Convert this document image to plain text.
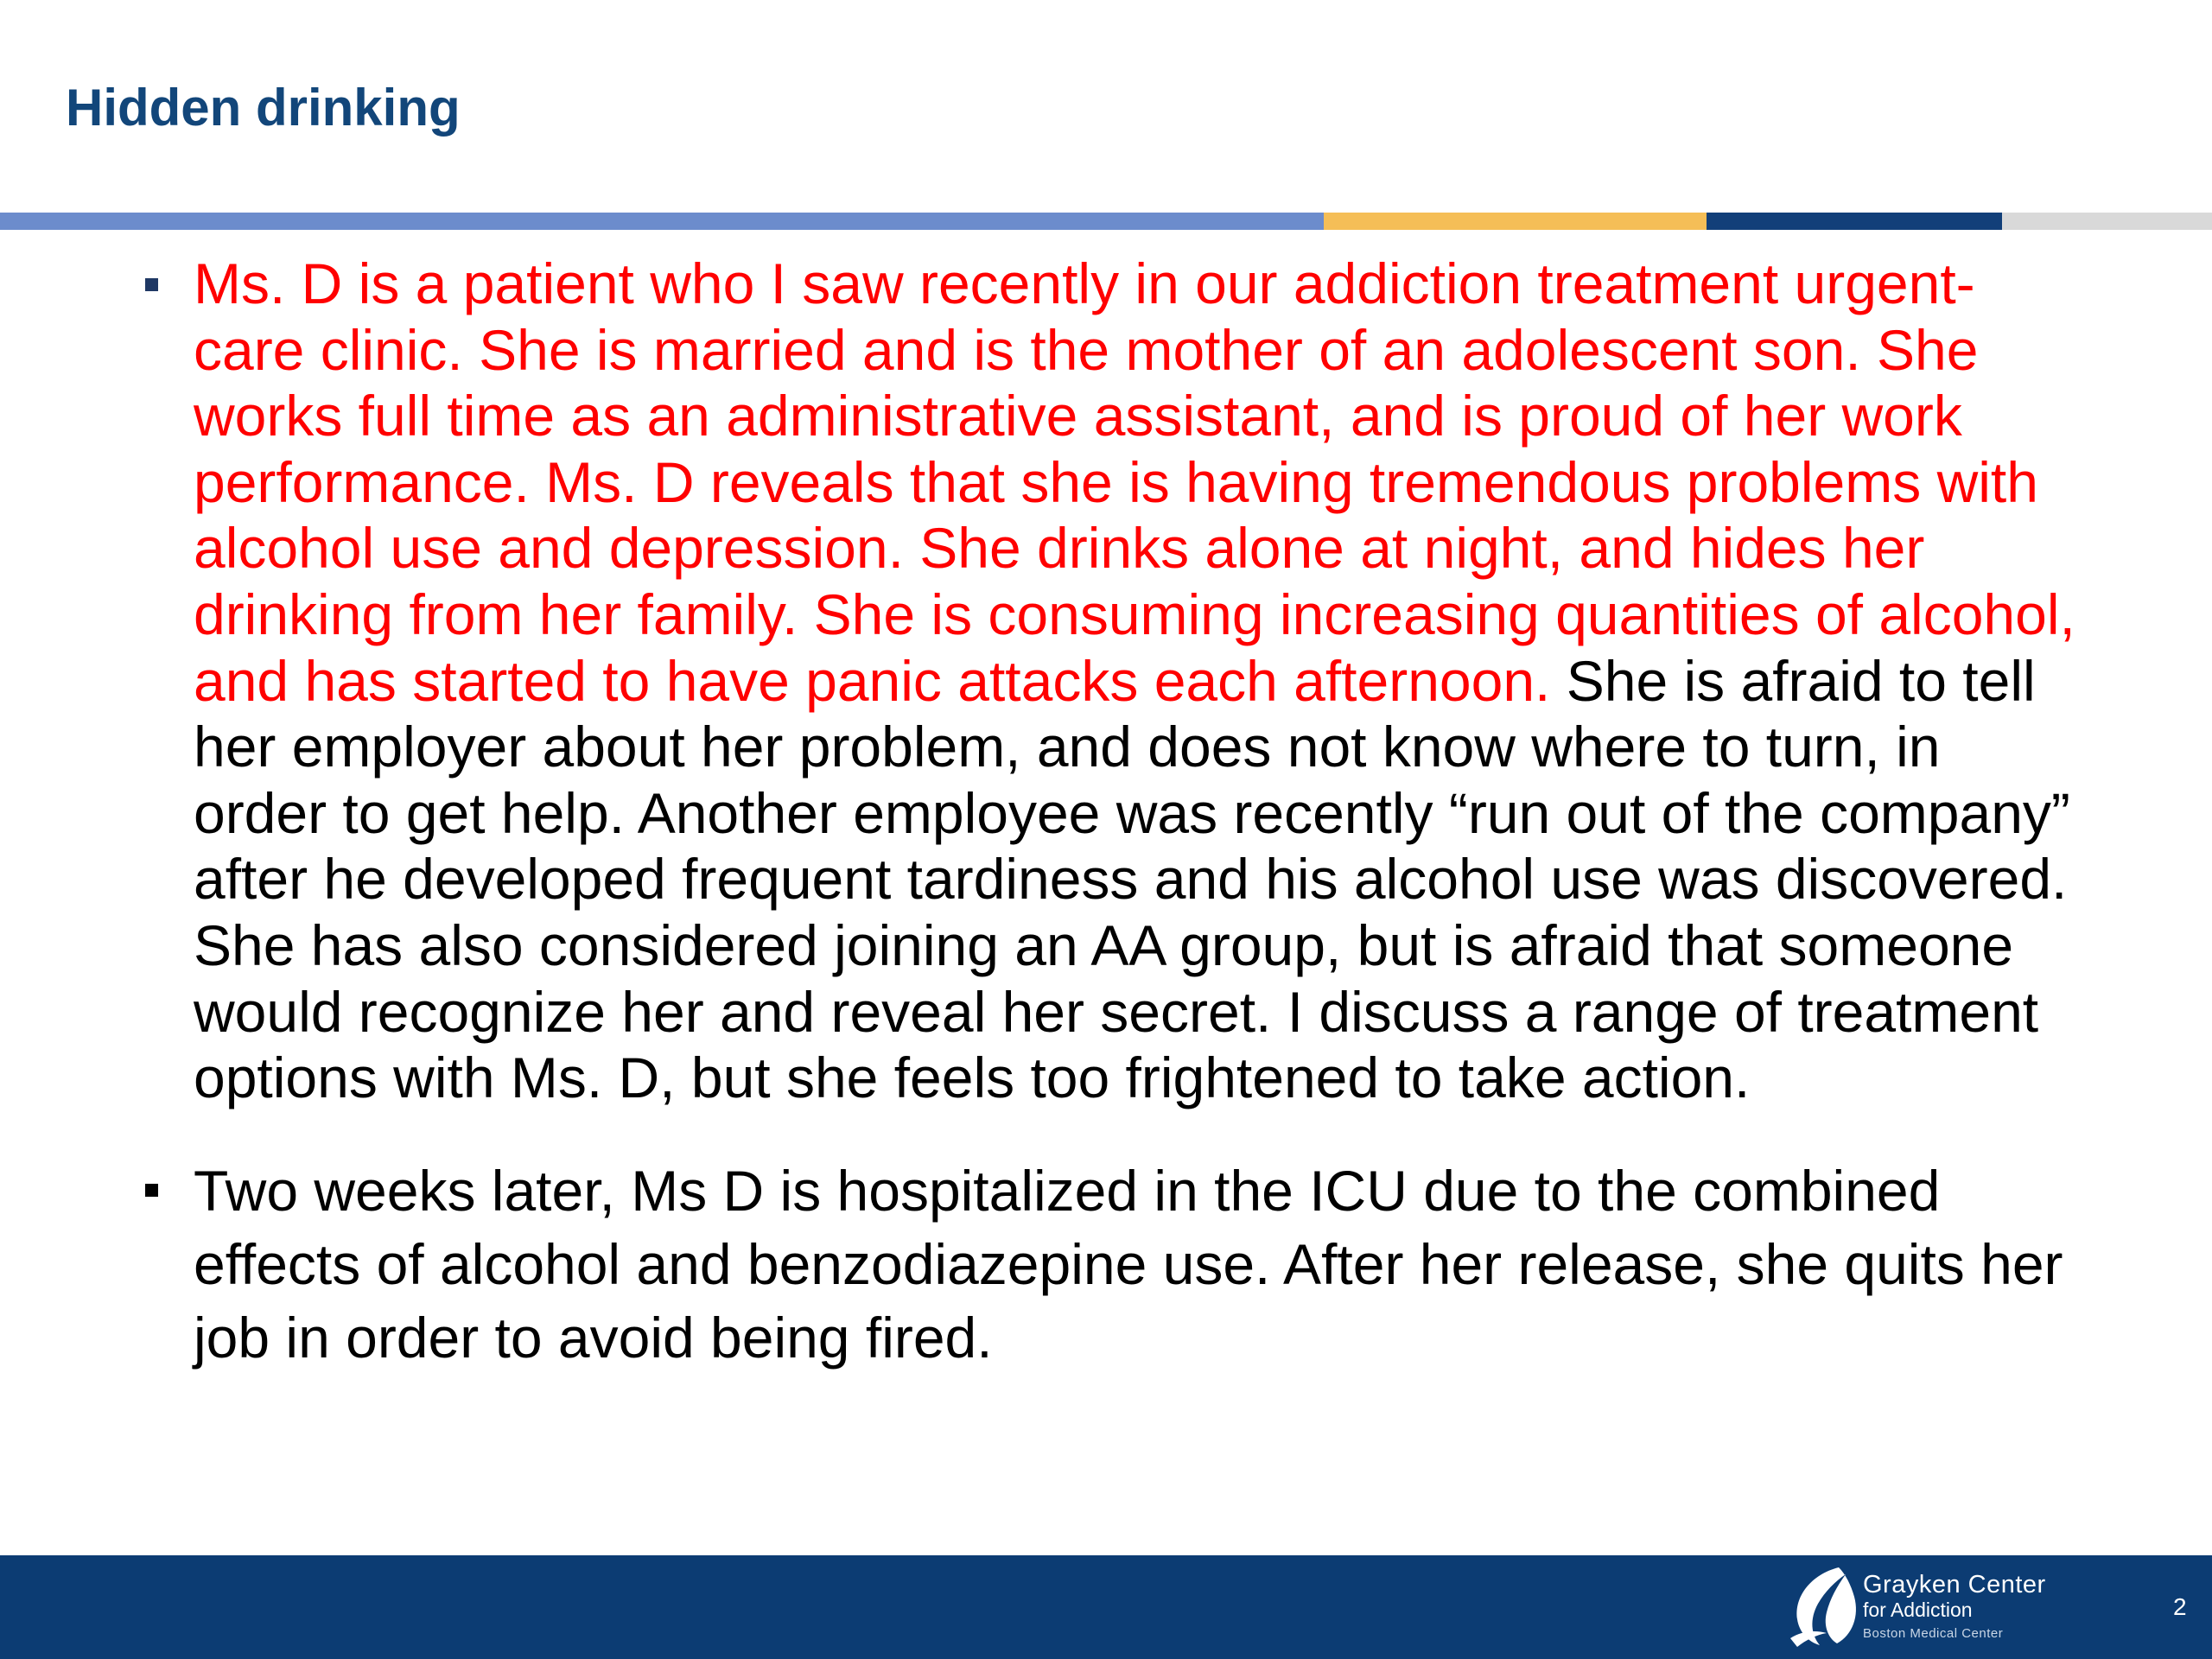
Hidden drinking
Ms. D is a patient who I saw recently in our addiction treatment urgent-care clinic. She is married and is the mother of an adolescent son. She works full time as an administrative assistant, and is proud of her work performance. Ms. D reveals that she is having tremendous problems with alcohol use and depression. She drinks alone at night, and hides her drinking from her family. She is consuming increasing quantities of alcohol, and has started to have panic attacks each afternoon. She is afraid to tell her employer about her problem, and does not know where to turn, in order to get help. Another employee was recently “run out of the company” after he developed frequent tardiness and his alcohol use was discovered. She has also considered joining an AA group, but is afraid that someone would recognize her and reveal her secret. I discuss a range of treatment options with Ms. D, but she feels too frightened to take action.
Two weeks later, Ms D is hospitalized in the ICU due to the combined effects of alcohol and benzodiazepine use. After her release, she quits her job in order to avoid being fired.
Grayken Center
for Addiction
Boston Medical Center
2
